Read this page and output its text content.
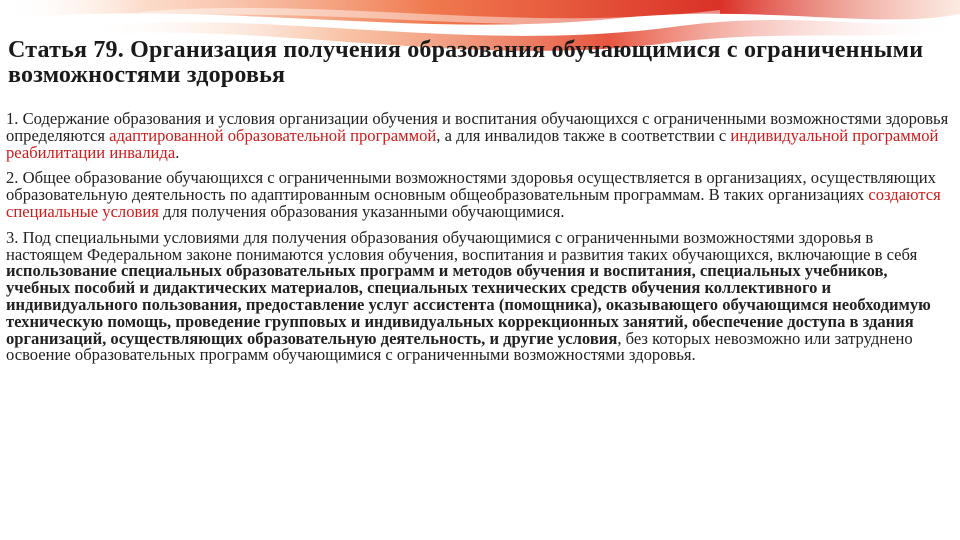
Статья 79. Организация получения образования обучающимися с ограниченными возможностями здоровья

1. Содержание образования и условия организации обучения и воспитания обучающихся с ограниченными возможностями здоровья определяются адаптированной образовательной программой, а для инвалидов также в соответствии с индивидуальной программой реабилитации инвалида.

2. Общее образование обучающихся с ограниченными возможностями здоровья осуществляется в организациях, осуществляющих образовательную деятельность по адаптированным основным общеобразовательным программам. В таких организациях создаются специальные условия для получения образования указанными обучающимися.

3. Под специальными условиями для получения образования обучающимися с ограниченными возможностями здоровья в настоящем Федеральном законе понимаются условия обучения, воспитания и развития таких обучающихся, включающие в себя использование специальных образовательных программ и методов обучения и воспитания, специальных учебников, учебных пособий и дидактических материалов, специальных технических средств обучения коллективного и индивидуального пользования, предоставление услуг ассистента (помощника), оказывающего обучающимся необходимую техническую помощь, проведение групповых и индивидуальных коррекционных занятий, обеспечение доступа в здания организаций, осуществляющих образовательную деятельность, и другие условия, без которых невозможно или затруднено освоение образовательных программ обучающимися с ограниченными возможностями здоровья.
